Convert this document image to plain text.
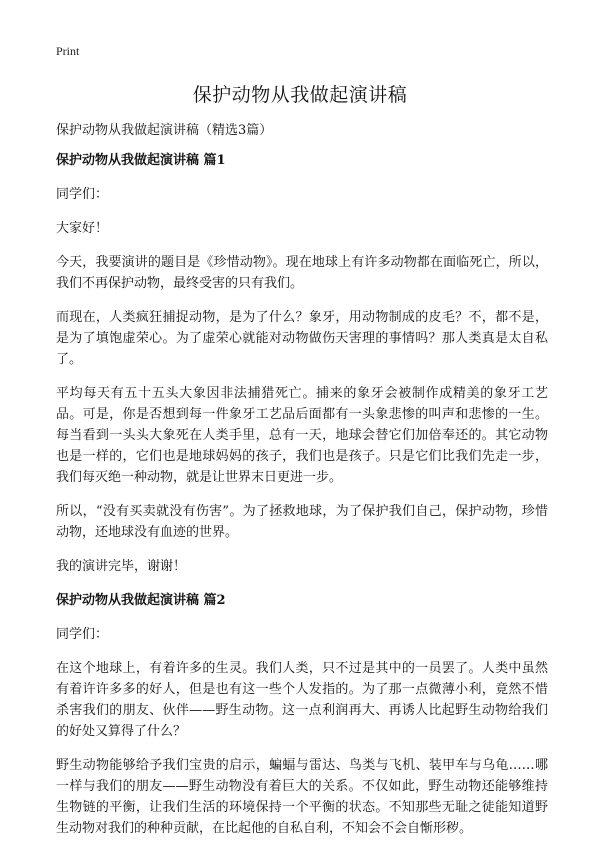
Print
保护动物从我做起演讲稿

保护动物从我做起演讲稿（精选3篇）

保护动物从我做起演讲稿 篇1

同学们：

大家好！

今天，我要演讲的题目是《珍惜动物》。现在地球上有许多动物都在面临死亡，所以，我们不再保护动物，最终受害的只有我们。

而现在，人类疯狂捕捉动物，是为了什么？象牙，用动物制成的皮毛？不，都不是，是为了填饱虚荣心。为了虚荣心就能对动物做伤天害理的事情吗？那人类真是太自私了。

平均每天有五十五头大象因非法捕猎死亡。捕来的象牙会被制作成精美的象牙工艺品。可是，你是否想到每一件象牙工艺品后面都有一头象悲惨的叫声和悲惨的一生。每当看到一头头大象死在人类手里，总有一天，地球会替它们加倍奉还的。其它动物也是一样的，它们也是地球妈妈的孩子，我们也是孩子。只是它们比我们先走一步，我们每灭绝一种动物，就是让世界末日更进一步。

所以，“没有买卖就没有伤害”。为了拯救地球，为了保护我们自己，保护动物，珍惜动物，还地球没有血迹的世界。

我的演讲完毕，谢谢！

保护动物从我做起演讲稿 篇2

同学们：

在这个地球上，有着许多的生灵。我们人类，只不过是其中的一员罢了。人类中虽然有着许许多多的好人，但是也有这一些个人发指的。为了那一点微薄小利，竟然不惜杀害我们的朋友、伙伴——野生动物。这一点利润再大、再诱人比起野生动物给我们的好处又算得了什么？

野生动物能够给予我们宝贵的启示，蝙蝠与雷达、鸟类与飞机、装甲车与乌龟……哪一样与我们的朋友——野生动物没有着巨大的关系。不仅如此，野生动物还能够维持生物链的平衡，让我们生活的环境保持一个平衡的状态。不知那些无耻之徒能知道野生动物对我们的种种贡献，在比起他的自私自利，不知会不会自惭形秽。
